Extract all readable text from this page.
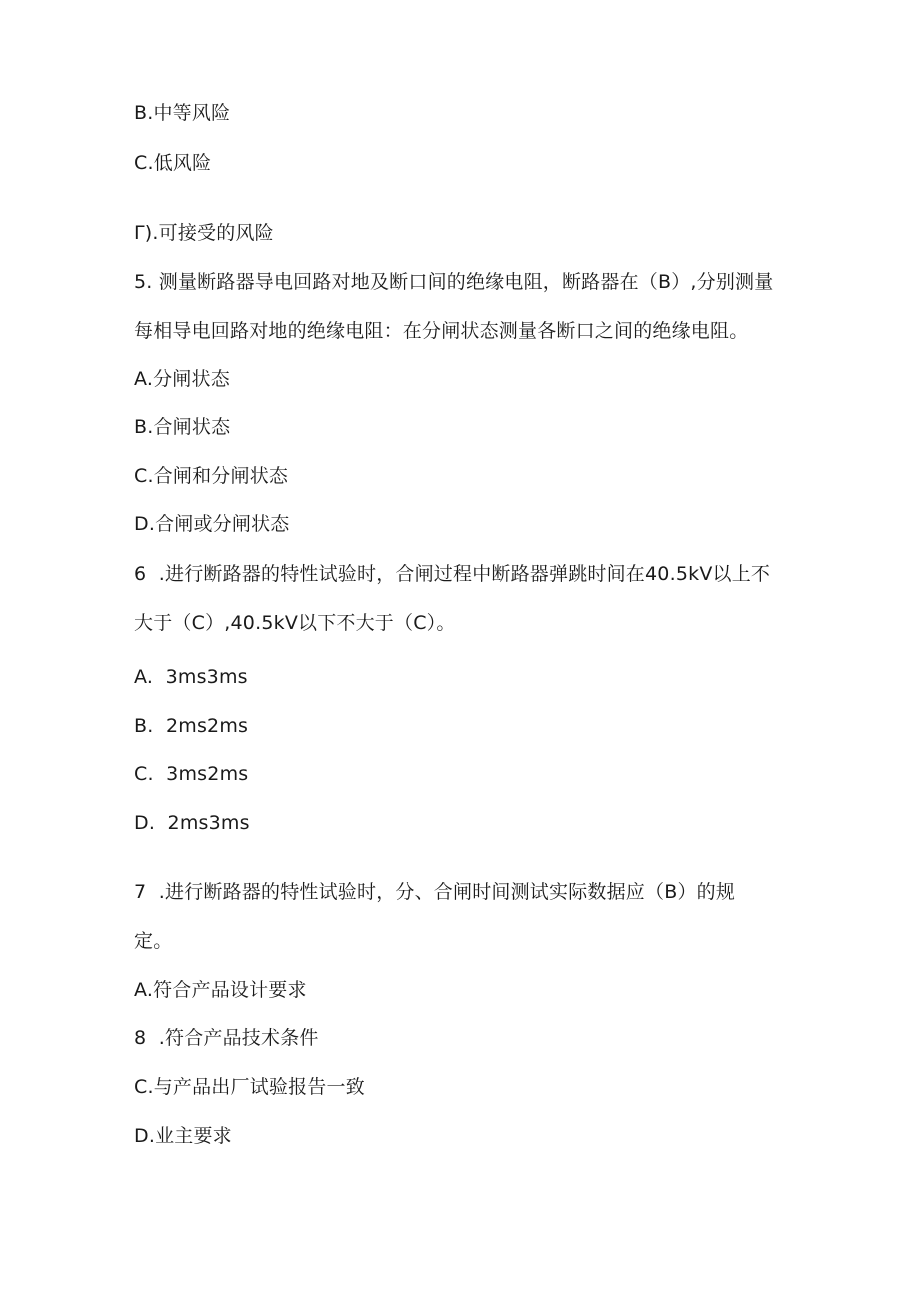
B.中等风险
C.低风险
Γ).可接受的风险
5. 测量断路器导电回路对地及断口间的绝缘电阻，断路器在（B）,分别测量
每相导电回路对地的绝缘电阻：在分闸状态测量各断口之间的绝缘电阻。
A.分闸状态
B.合闸状态
C.合闸和分闸状态
D.合闸或分闸状态
6  .进行断路器的特性试验时，合闸过程中断路器弹跳时间在40.5kV以上不
大于（C）,40.5kV以下不大于（C）。
A.  3ms3ms
B.  2ms2ms
C.  3ms2ms
D.  2ms3ms
7  .进行断路器的特性试验时，分、合闸时间测试实际数据应（B）的规
定。
A.符合产品设计要求
8  .符合产品技术条件
C.与产品出厂试验报告一致
D.业主要求
